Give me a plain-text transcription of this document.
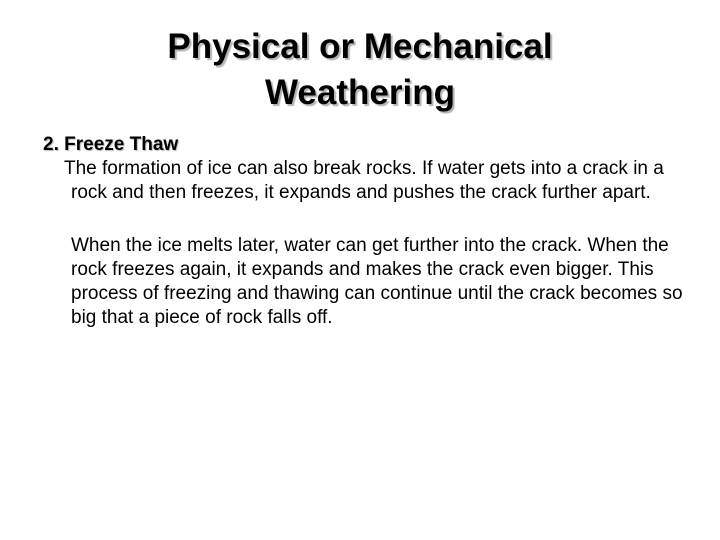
Physical or Mechanical
Weathering

2. Freeze Thaw

The formation of ice can also break rocks. If water gets into a crack in a rock and then freezes, it expands and pushes the crack further apart.

When the ice melts later, water can get further into the crack. When the rock freezes again, it expands and makes the crack even bigger. This process of freezing and thawing can continue until the crack becomes so big that a piece of rock falls off.
